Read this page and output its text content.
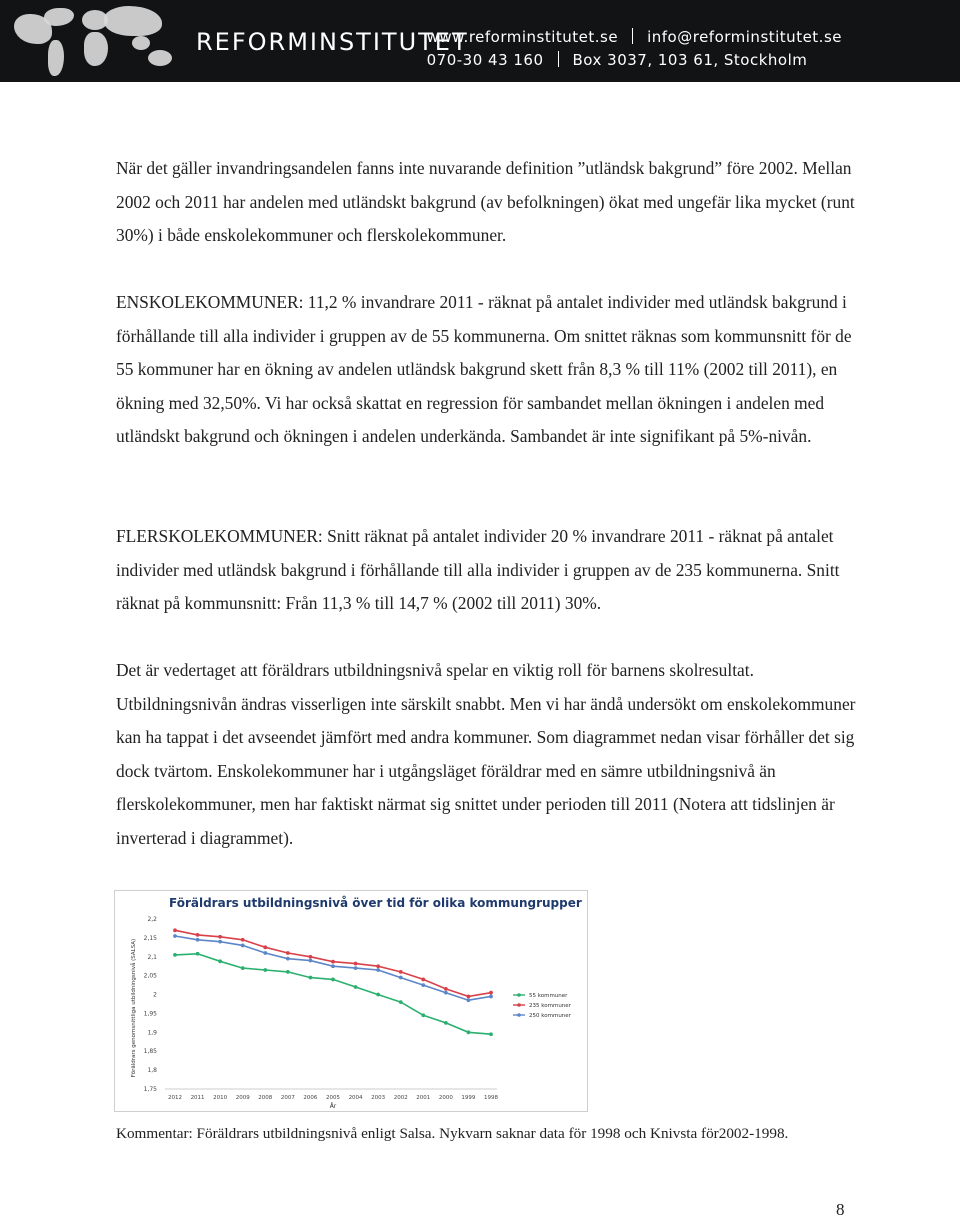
REFORMINSTITUTET
www.reforminstitutet.se info@reforminstitutet.se
070-30 43 160 Box 3037, 103 61, Stockholm

När det gäller invandringsandelen fanns inte nuvarande definition ”utländsk bakgrund” före 2002. Mellan 2002 och 2011 har andelen med utländskt bakgrund (av befolkningen) ökat med ungefär lika mycket (runt 30%) i både enskolekommuner och flerskolekommuner.

ENSKOLEKOMMUNER: 11,2 % invandrare 2011 - räknat på antalet individer med utländsk bakgrund i förhållande till alla individer i gruppen av de 55 kommunerna. Om snittet räknas som kommunsnitt för de 55 kommuner har en ökning av andelen utländsk bakgrund skett från 8,3 % till 11% (2002 till 2011), en ökning med 32,50%. Vi har också skattat en regression för sambandet mellan ökningen i andelen med utländskt bakgrund och ökningen i andelen underkända. Sambandet är inte signifikant på 5%-nivån.

FLERSKOLEKOMMUNER: Snitt räknat på antalet individer 20 % invandrare 2011 - räknat på antalet individer med utländsk bakgrund i förhållande till alla individer i gruppen av de 235 kommunerna. Snitt räknat på kommunsnitt: Från 11,3 % till 14,7 % (2002 till 2011) 30%.

Det är vedertaget att föräldrars utbildningsnivå spelar en viktig roll för barnens skolresultat. Utbildningsnivån ändras visserligen inte särskilt snabbt. Men vi har ändå undersökt om enskolekommuner kan ha tappat i det avseendet jämfört med andra kommuner. Som diagrammet nedan visar förhåller det sig dock tvärtom. Enskolekommuner har i utgångsläget föräldrar med en sämre utbildningsnivå än flerskolekommuner, men har faktiskt närmat sig snittet under perioden till 2011 (Notera att tidslinjen är inverterad i diagrammet).

Föräldrars utbildningsnivå över tid för olika kommungrupper
Föräldrars genomsnittliga utbildningsnivå (SALSA)
2,2
2,15
2,1
2,05
2
1,95
1,9
1,85
1,8
1,75
2012 2011 2010 2009 2008 2007 2006 2005 2004 2003 2002 2001 2000 1999 1998
År
55 kommuner
235 kommuner
250 kommuner
Kommentar: Föräldrars utbildningsnivå enligt Salsa. Nykvarn saknar data för 1998 och Knivsta för2002-1998.
8
